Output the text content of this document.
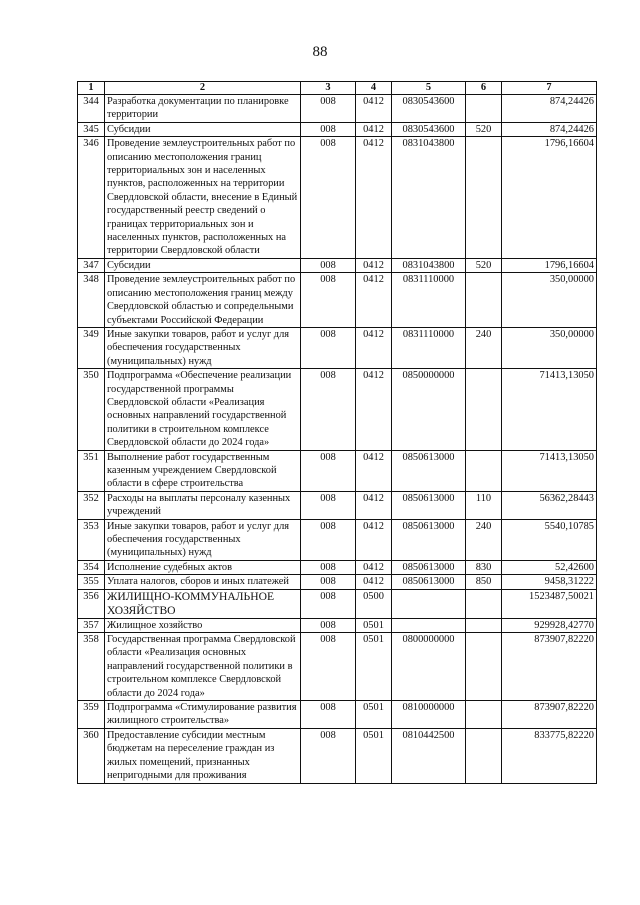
88
1	2	3	4	5	6	7
344	Разработка документации по планировке территории	008	0412	0830543600		874,24426
345	Субсидии	008	0412	0830543600	520	874,24426
346	Проведение землеустроительных работ по описанию местоположения границ территориальных зон и населенных пунктов, расположенных на территории Свердловской области, внесение в Единый государственный реестр сведений о границах территориальных зон и населенных пунктов, расположенных на территории Свердловской области	008	0412	0831043800		1796,16604
347	Субсидии	008	0412	0831043800	520	1796,16604
348	Проведение землеустроительных работ по описанию местоположения границ между Свердловской областью и сопредельными субъектами Российской Федерации	008	0412	0831110000		350,00000
349	Иные закупки товаров, работ и услуг для обеспечения государственных (муниципальных) нужд	008	0412	0831110000	240	350,00000
350	Подпрограмма «Обеспечение реализации государственной программы Свердловской области «Реализация основных направлений государственной политики в строительном комплексе Свердловской области до 2024 года»	008	0412	0850000000		71413,13050
351	Выполнение работ государственным казенным учреждением Свердловской области в сфере строительства	008	0412	0850613000		71413,13050
352	Расходы на выплаты персоналу казенных учреждений	008	0412	0850613000	110	56362,28443
353	Иные закупки товаров, работ и услуг для обеспечения государственных (муниципальных) нужд	008	0412	0850613000	240	5540,10785
354	Исполнение судебных актов	008	0412	0850613000	830	52,42600
355	Уплата налогов, сборов и иных платежей	008	0412	0850613000	850	9458,31222
356	ЖИЛИЩНО-КОММУНАЛЬНОЕ ХОЗЯЙСТВО	008	0500			1523487,50021
357	Жилищное хозяйство	008	0501			929928,42770
358	Государственная программа Свердловской области «Реализация основных направлений государственной политики в строительном комплексе Свердловской области до 2024 года»	008	0501	0800000000		873907,82220
359	Подпрограмма «Стимулирование развития жилищного строительства»	008	0501	0810000000		873907,82220
360	Предоставление субсидии местным бюджетам на переселение граждан из жилых помещений, признанных непригодными для проживания	008	0501	0810442500		833775,82220
